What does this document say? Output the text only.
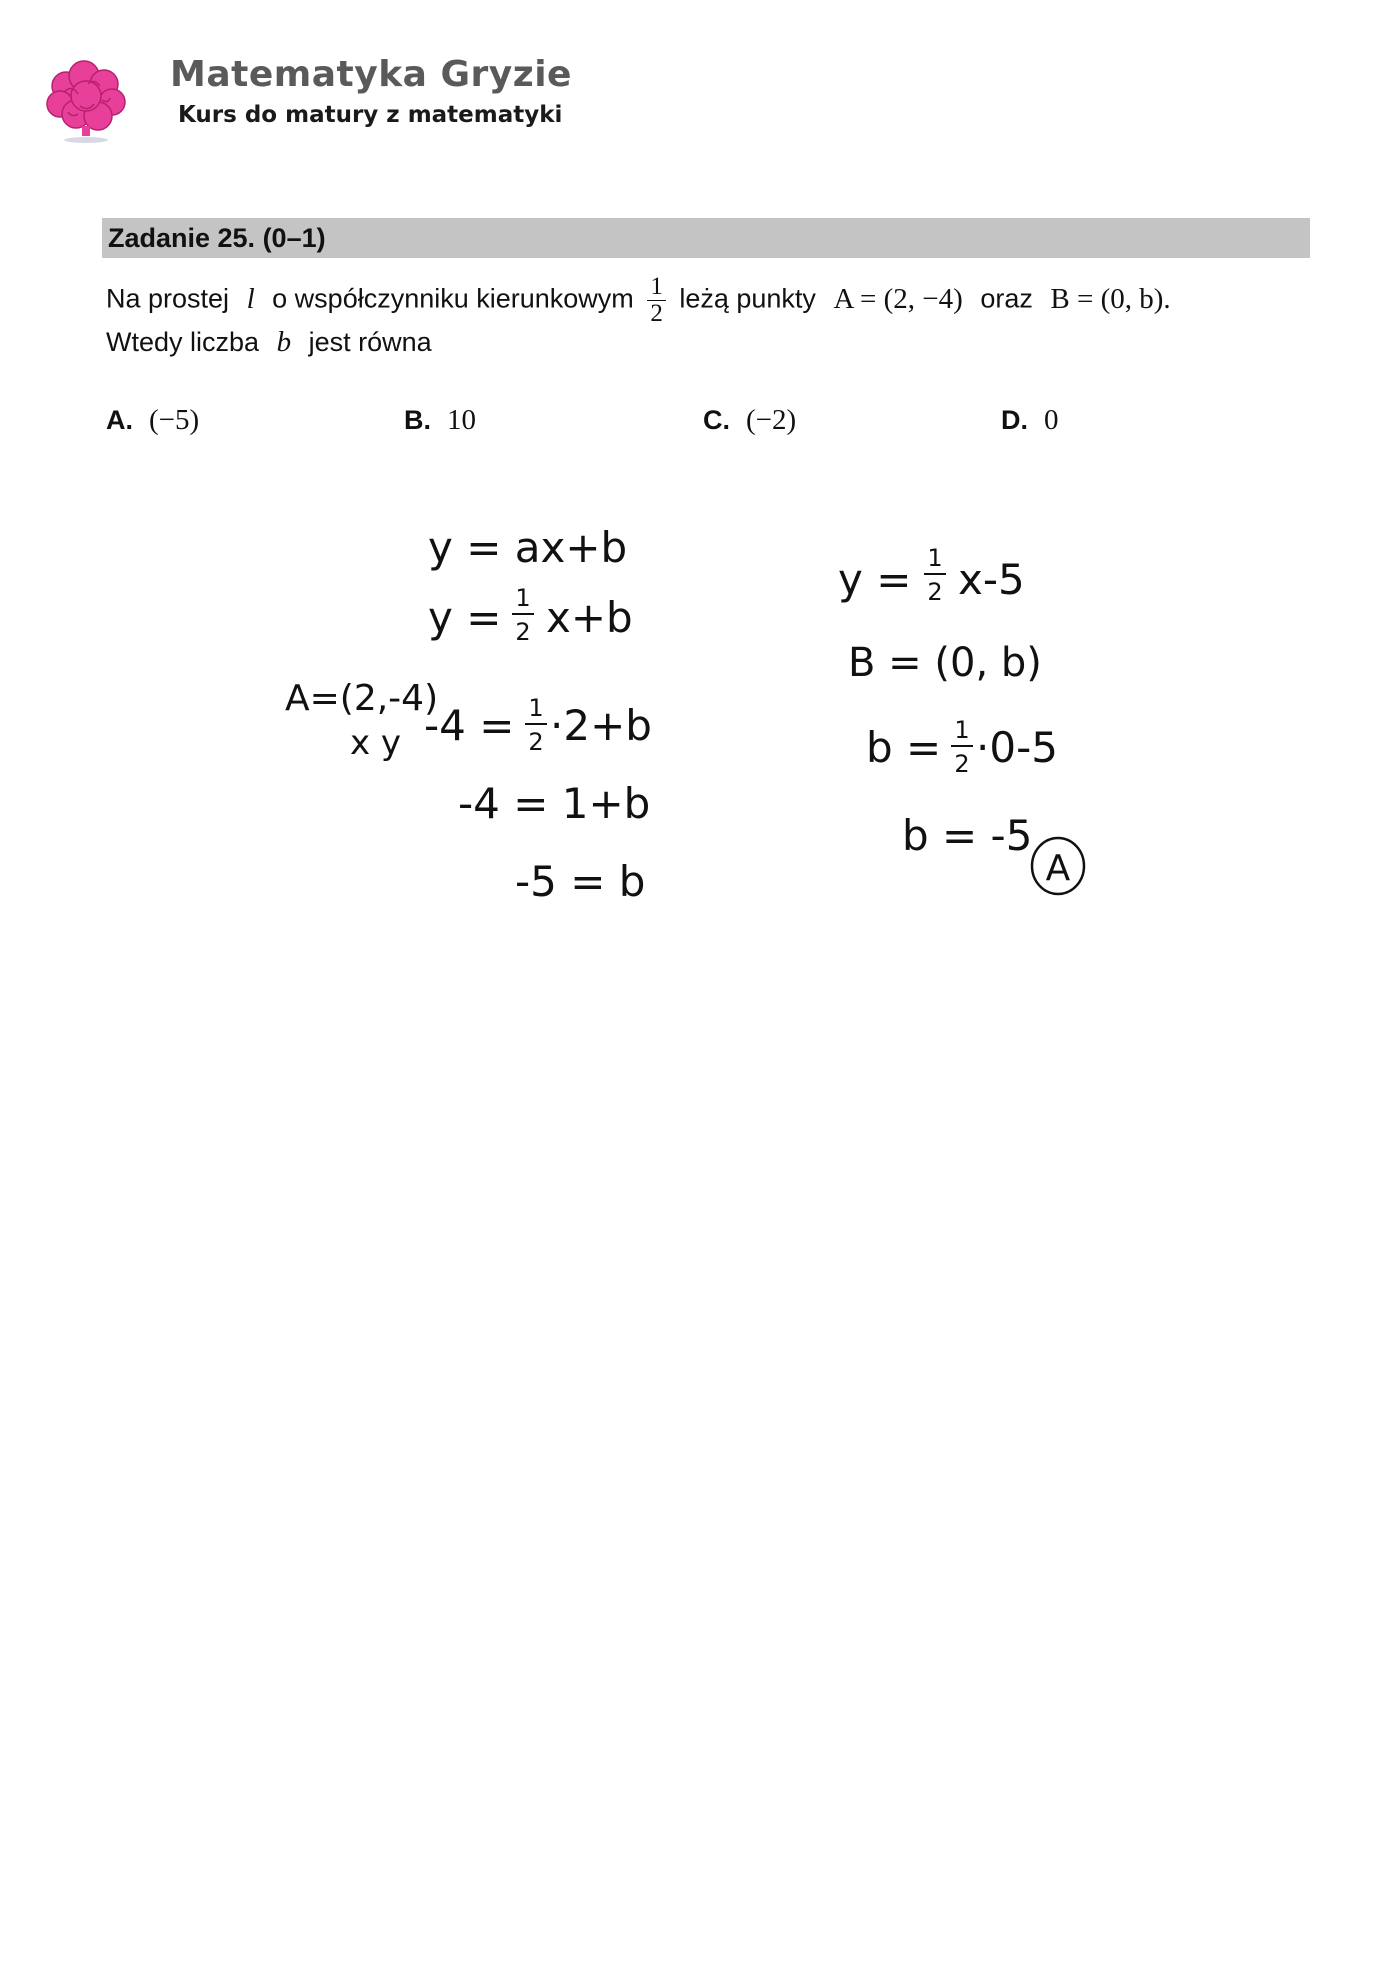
Matematyka Gryzie
Kurs do matury z matematyki
Zadanie 25. (0–1)
Na prostej l o współczynniku kierunkowym $\frac{1}{2}$ leżą punkty A = (2, −4) oraz B = (0, b).
Wtedy liczba b jest równa
A. (−5)	B. 10	C. (−2)	D. 0
y = ax+b
y = 1
2 x+b
A=(2,-4)
x y -4 = 1
2 ·2+b
-4 = 1+b
-5 = b
y = 1
2 x-5
B = (0, b)
b = 1
2 ·0-5
b = -5
A
